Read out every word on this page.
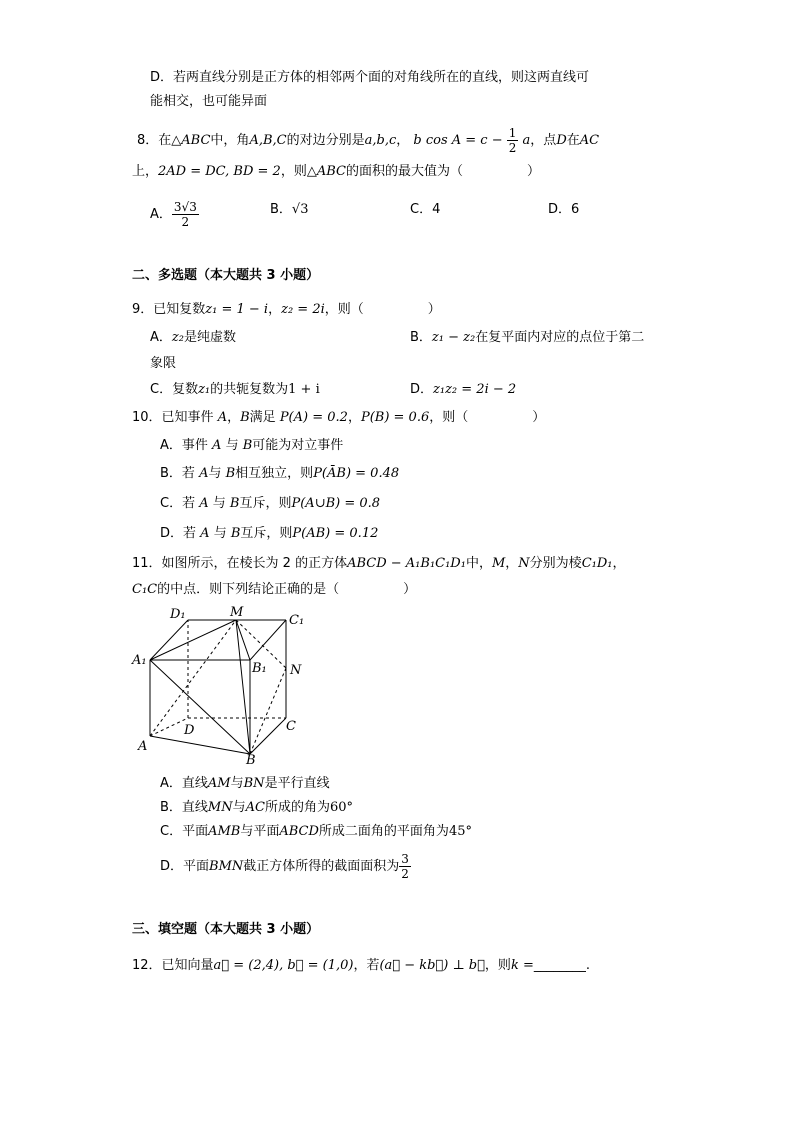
D．若两直线分别是正方体的相邻两个面的对角线所在的直线，则这两直线可
能相交，也可能异面
8．在△ABC中，角A,B,C的对边分别是a,b,c， b $\cos A = c - \frac{1}{2}$ a，点D在AC
上，2AD = DC, BD = 2，则△ABC的面积的最大值为（	）
A． $\frac{3√3}{2}$	B．√3	C．4	D．6
二、多选题（本大题共 3 小题）
9．已知复数z₁ = 1 − i，z₂ = 2i，则（	）
A．z₂是纯虚数	B．z₁ − z₂在复平面内对应的点位于第二
象限
C．复数z₁的共轭复数为1 + i	D．z₁z₂ = 2i − 2
10．已知事件 A，B满足 P(A) = 0.2，P(B) = 0.6，则（	）
A．事件 A 与 B可能为对立事件
B．若 A与 B相互独立，则P(ĀB) = 0.48
C．若 A 与 B互斥，则P(A∪B) = 0.8
D．若 A 与 B互斥，则P(AB) = 0.12
11．如图所示，在棱长为 2 的正方体ABCD − A₁B₁C₁D₁中，M，N分别为棱C₁D₁，
C₁C的中点．则下列结论正确的是（	）
D₁	M
C₁
A₁
B₁ N
D	C
A
B
A．直线AM与BN是平行直线
B．直线MN与AC所成的角为60°
C．平面AMB与平面ABCD所成二面角的平面角为45°
D．平面BMN截正方体所得的截面面积为 $\frac{3}{2}$
三、填空题（本大题共 3 小题）
12．已知向量a⃗ = (2,4), b⃗ = (1,0)，若(a⃗ − kb⃗) ⊥ b⃗，则k =________.
